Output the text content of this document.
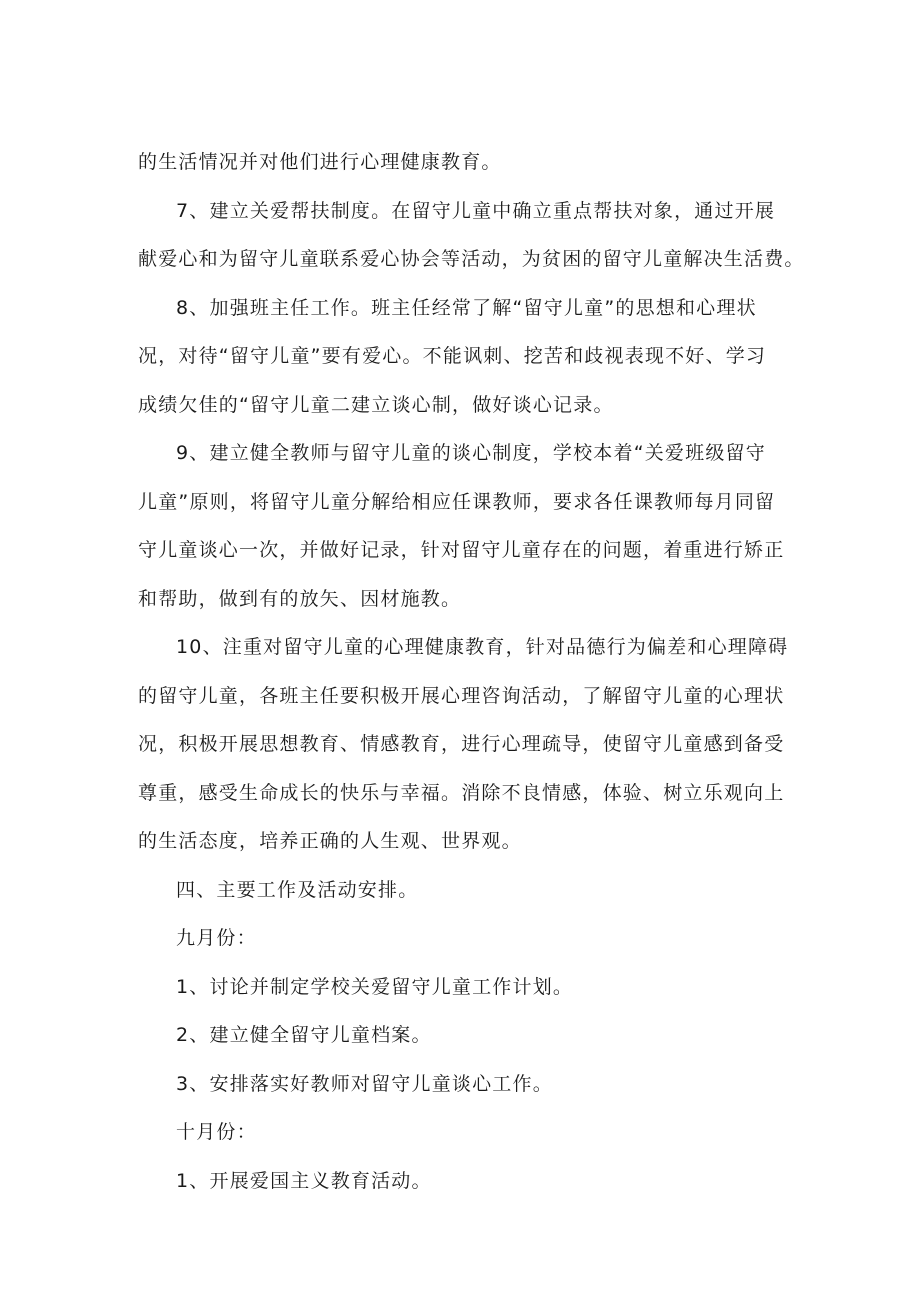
的生活情况并对他们进行心理健康教育。

7、建立关爱帮扶制度。在留守儿童中确立重点帮扶对象，通过开展

献爱心和为留守儿童联系爱心协会等活动，为贫困的留守儿童解决生活费。

8、加强班主任工作。班主任经常了解“留守儿童”的思想和心理状

况，对待“留守儿童”要有爱心。不能讽刺、挖苦和歧视表现不好、学习

成绩欠佳的“留守儿童二建立谈心制，做好谈心记录。

9、建立健全教师与留守儿童的谈心制度，学校本着“关爱班级留守

儿童”原则，将留守儿童分解给相应任课教师，要求各任课教师每月同留

守儿童谈心一次，并做好记录，针对留守儿童存在的问题，着重进行矫正

和帮助，做到有的放矢、因材施教。

10、注重对留守儿童的心理健康教育，针对品德行为偏差和心理障碍

的留守儿童，各班主任要积极开展心理咨询活动，了解留守儿童的心理状

况，积极开展思想教育、情感教育，进行心理疏导，使留守儿童感到备受

尊重，感受生命成长的快乐与幸福。消除不良情感，体验、树立乐观向上

的生活态度，培养正确的人生观、世界观。

四、主要工作及活动安排。

九月份：

1、讨论并制定学校关爱留守儿童工作计划。

2、建立健全留守儿童档案。

3、安排落实好教师对留守儿童谈心工作。

十月份：

1、开展爱国主义教育活动。
